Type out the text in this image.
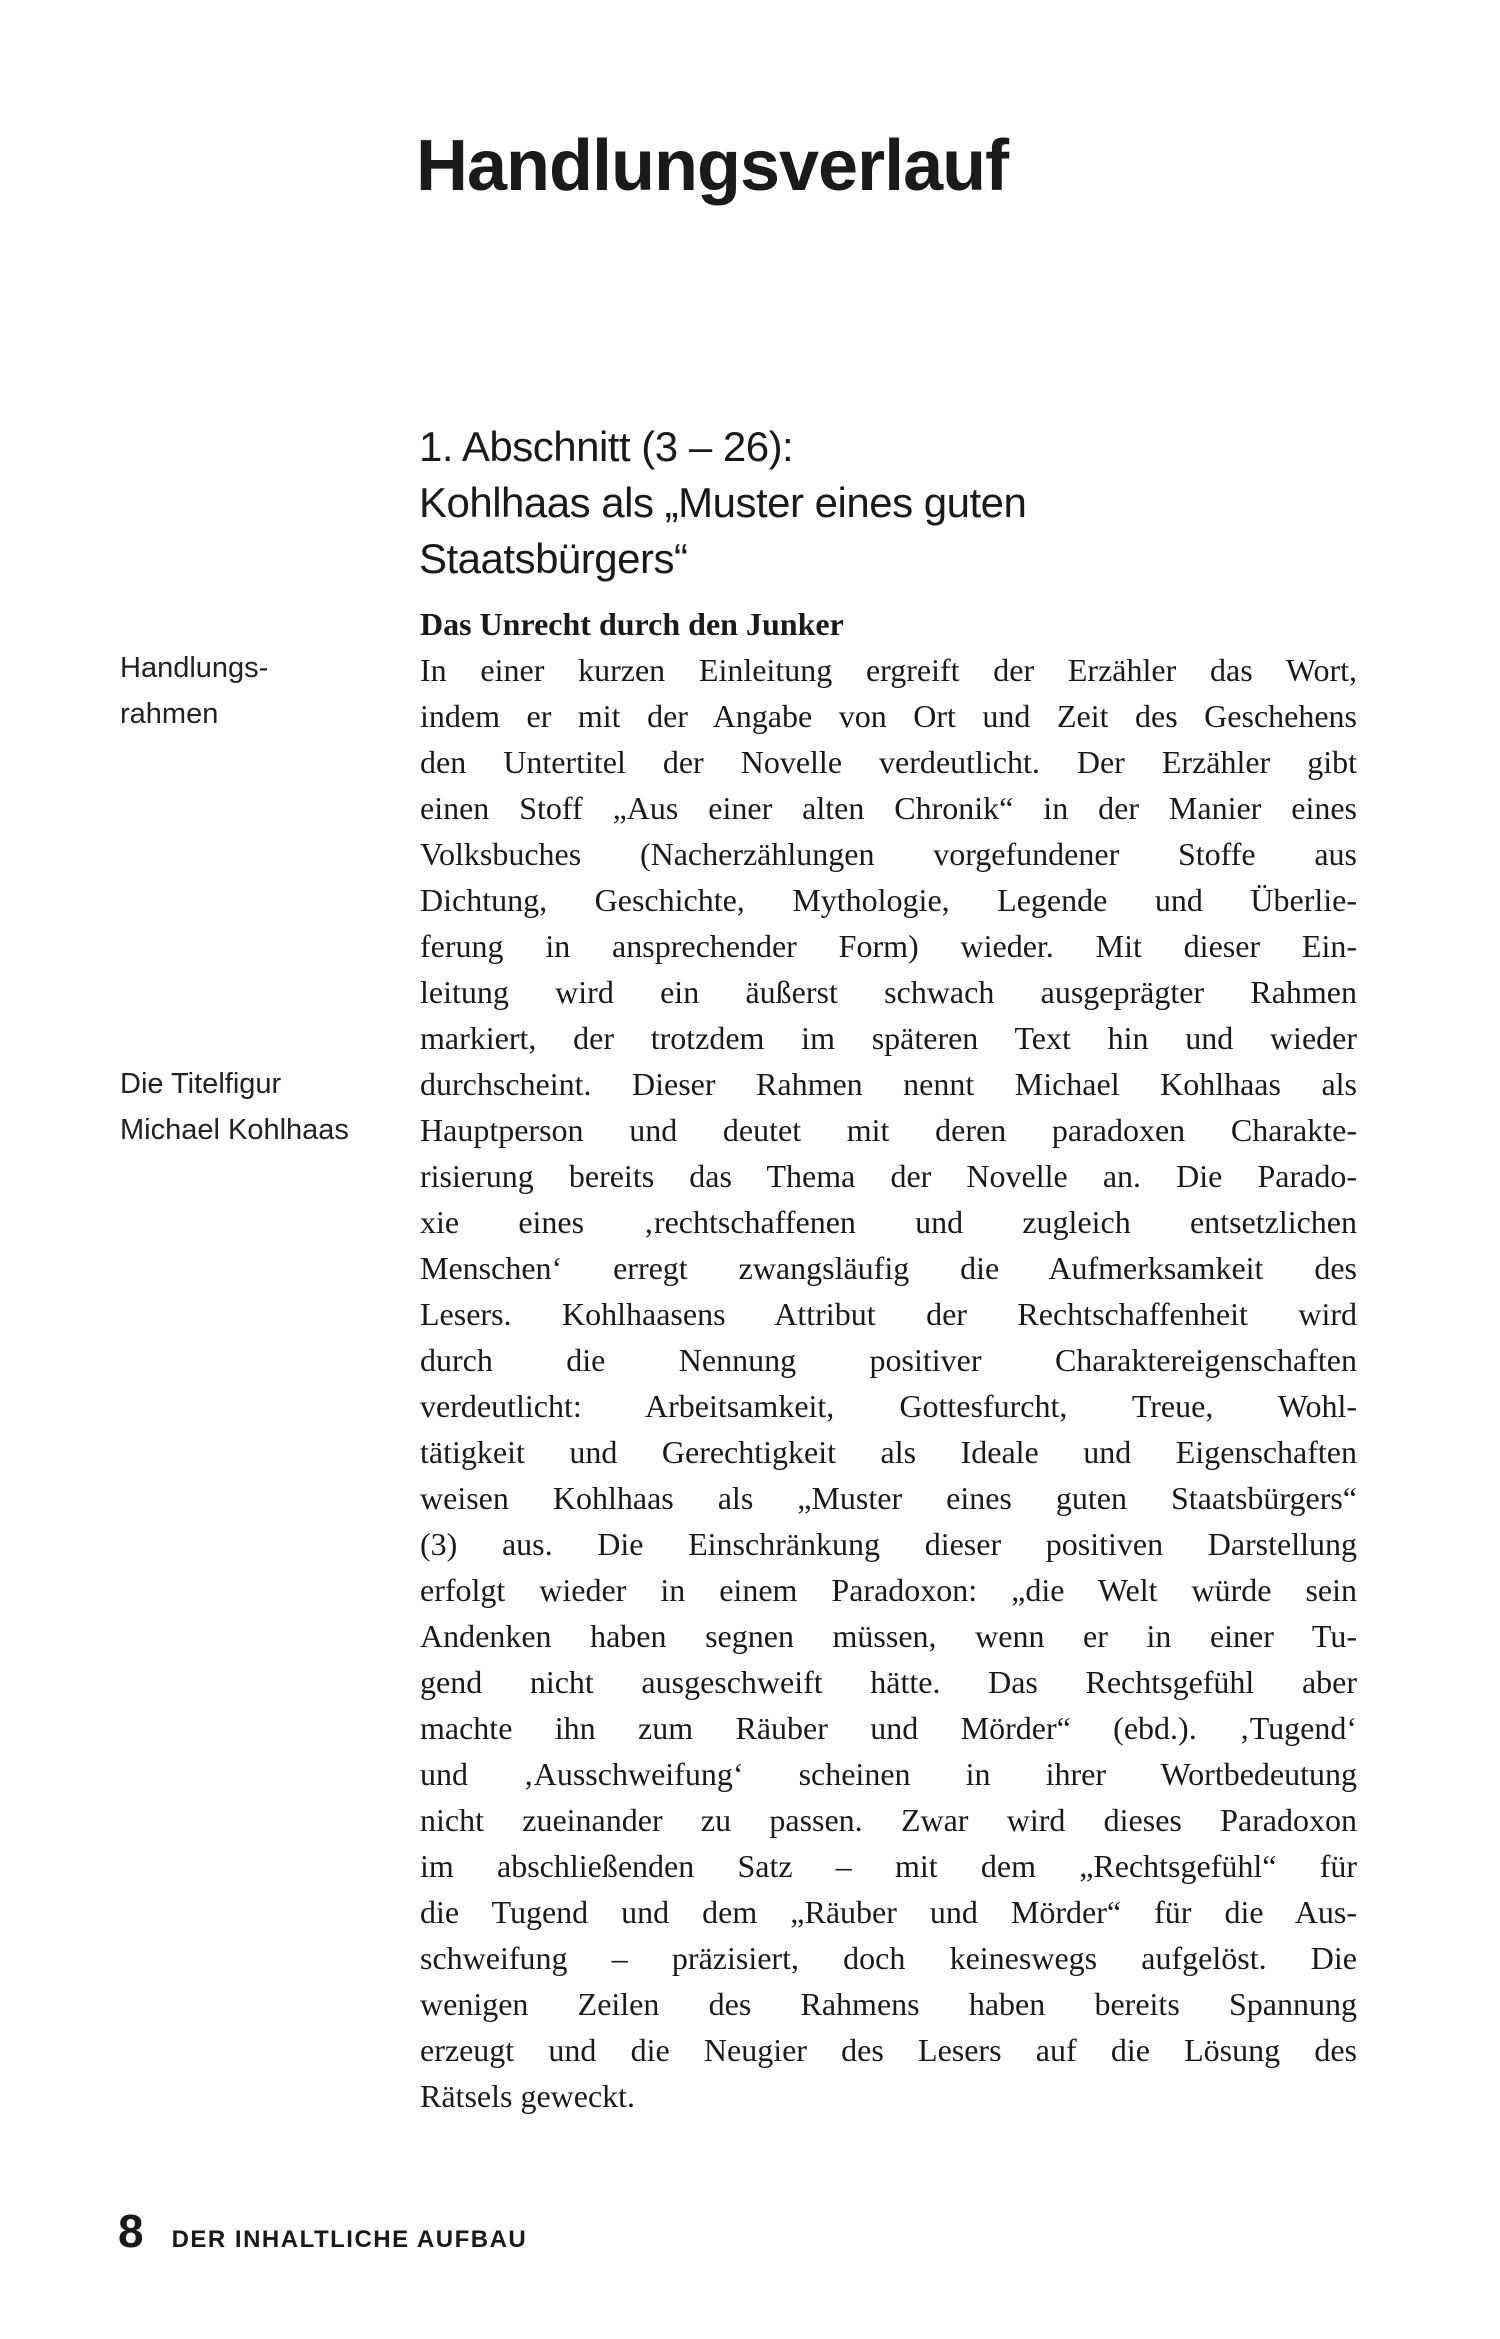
Handlungsverlauf
1. Abschnitt (3 – 26):
Kohlhaas als „Muster eines guten
Staatsbürgers“
Handlungs-
rahmen
Die Titelfigur
Michael Kohlhaas
Das Unrecht durch den Junker
In einer kurzen Einleitung ergreift der Erzähler das Wort,
indem er mit der Angabe von Ort und Zeit des Geschehens
den Untertitel der Novelle verdeutlicht. Der Erzähler gibt
einen Stoff „Aus einer alten Chronik“ in der Manier eines
Volksbuches (Nacherzählungen vorgefundener Stoffe aus
Dichtung, Geschichte, Mythologie, Legende und Überlie-
ferung in ansprechender Form) wieder. Mit dieser Ein-
leitung wird ein äußerst schwach ausgeprägter Rahmen
markiert, der trotzdem im späteren Text hin und wieder
durchscheint. Dieser Rahmen nennt Michael Kohlhaas als
Hauptperson und deutet mit deren paradoxen Charakte-
risierung bereits das Thema der Novelle an. Die Parado-
xie eines ‚rechtschaffenen und zugleich entsetzlichen
Menschen‘ erregt zwangsläufig die Aufmerksamkeit des
Lesers. Kohlhaasens Attribut der Rechtschaffenheit wird
durch die Nennung positiver Charaktereigenschaften
verdeutlicht: Arbeitsamkeit, Gottesfurcht, Treue, Wohl-
tätigkeit und Gerechtigkeit als Ideale und Eigenschaften
weisen Kohlhaas als „Muster eines guten Staatsbürgers“
(3) aus. Die Einschränkung dieser positiven Darstellung
erfolgt wieder in einem Paradoxon: „die Welt würde sein
Andenken haben segnen müssen, wenn er in einer Tu-
gend nicht ausgeschweift hätte. Das Rechtsgefühl aber
machte ihn zum Räuber und Mörder“ (ebd.). ‚Tugend‘
und ‚Ausschweifung‘ scheinen in ihrer Wortbedeutung
nicht zueinander zu passen. Zwar wird dieses Paradoxon
im abschließenden Satz – mit dem „Rechtsgefühl“ für
die Tugend und dem „Räuber und Mörder“ für die Aus-
schweifung – präzisiert, doch keineswegs aufgelöst. Die
wenigen Zeilen des Rahmens haben bereits Spannung
erzeugt und die Neugier des Lesers auf die Lösung des
Rätsels geweckt.
8 DER INHALTLICHE AUFBAU
